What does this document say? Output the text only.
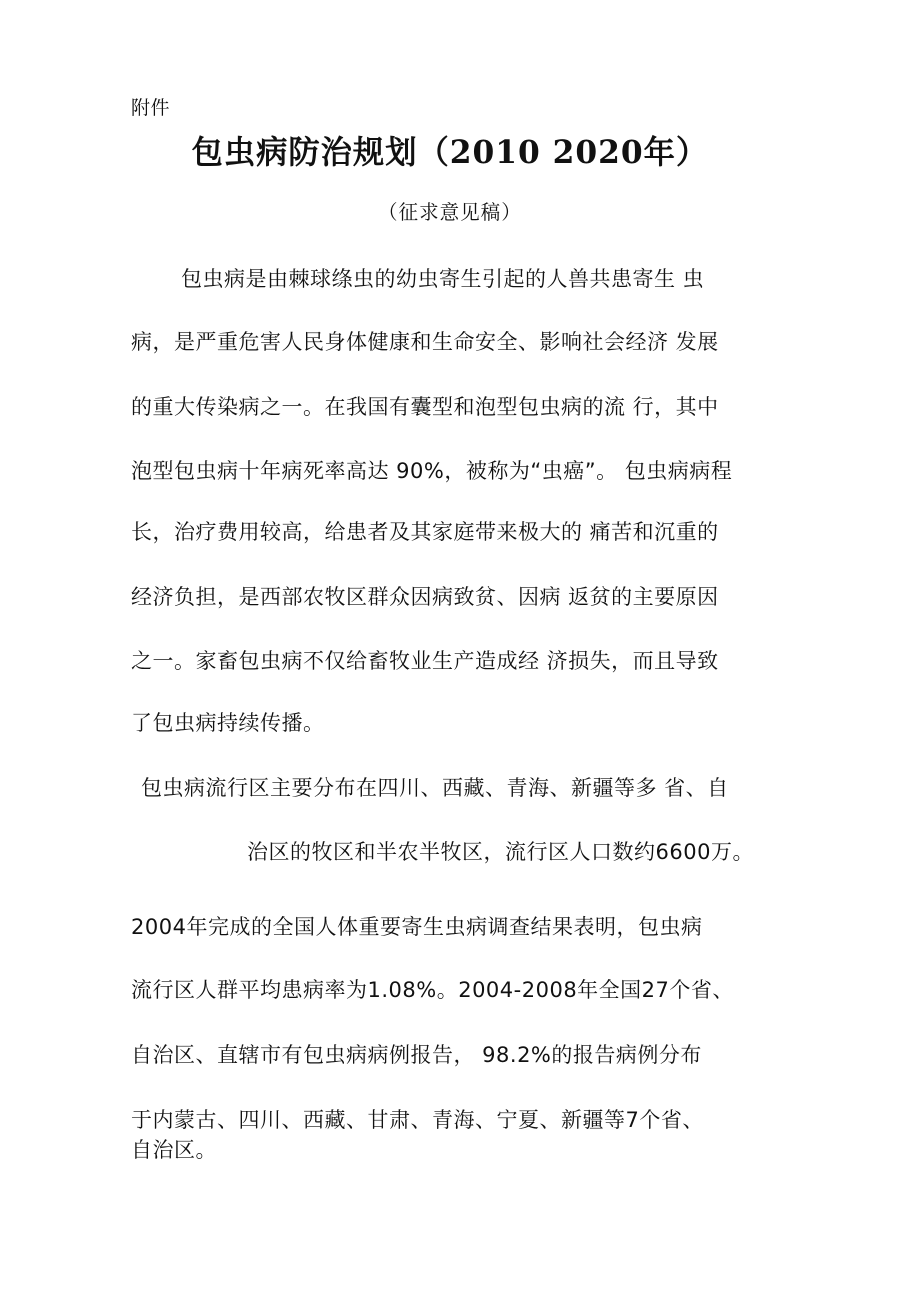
附件
包虫病防治规划（2010 2020年）
（征求意见稿）
包虫病是由棘球绦虫的幼虫寄生引起的人兽共患寄生 虫
病，是严重危害人民身体健康和生命安全、影响社会经济 发展
的重大传染病之一。在我国有囊型和泡型包虫病的流 行，其中
泡型包虫病十年病死率高达 90%，被称为“虫癌”。 包虫病病程
长，治疗费用较高，给患者及其家庭带来极大的 痛苦和沉重的
经济负担，是西部农牧区群众因病致贫、因病 返贫的主要原因
之一。家畜包虫病不仅给畜牧业生产造成经 济损失，而且导致
了包虫病持续传播。
包虫病流行区主要分布在四川、西藏、青海、新疆等多 省、自
治区的牧区和半农半牧区，流行区人口数约6600万。
2004年完成的全国人体重要寄生虫病调查结果表明，包虫病
流行区人群平均患病率为1.08%。2004-2008年全国27个省、
自治区、直辖市有包虫病病例报告， 98.2%的报告病例分布
于内蒙古、四川、西藏、甘肃、青海、宁夏、新疆等7个省、
自治区。
